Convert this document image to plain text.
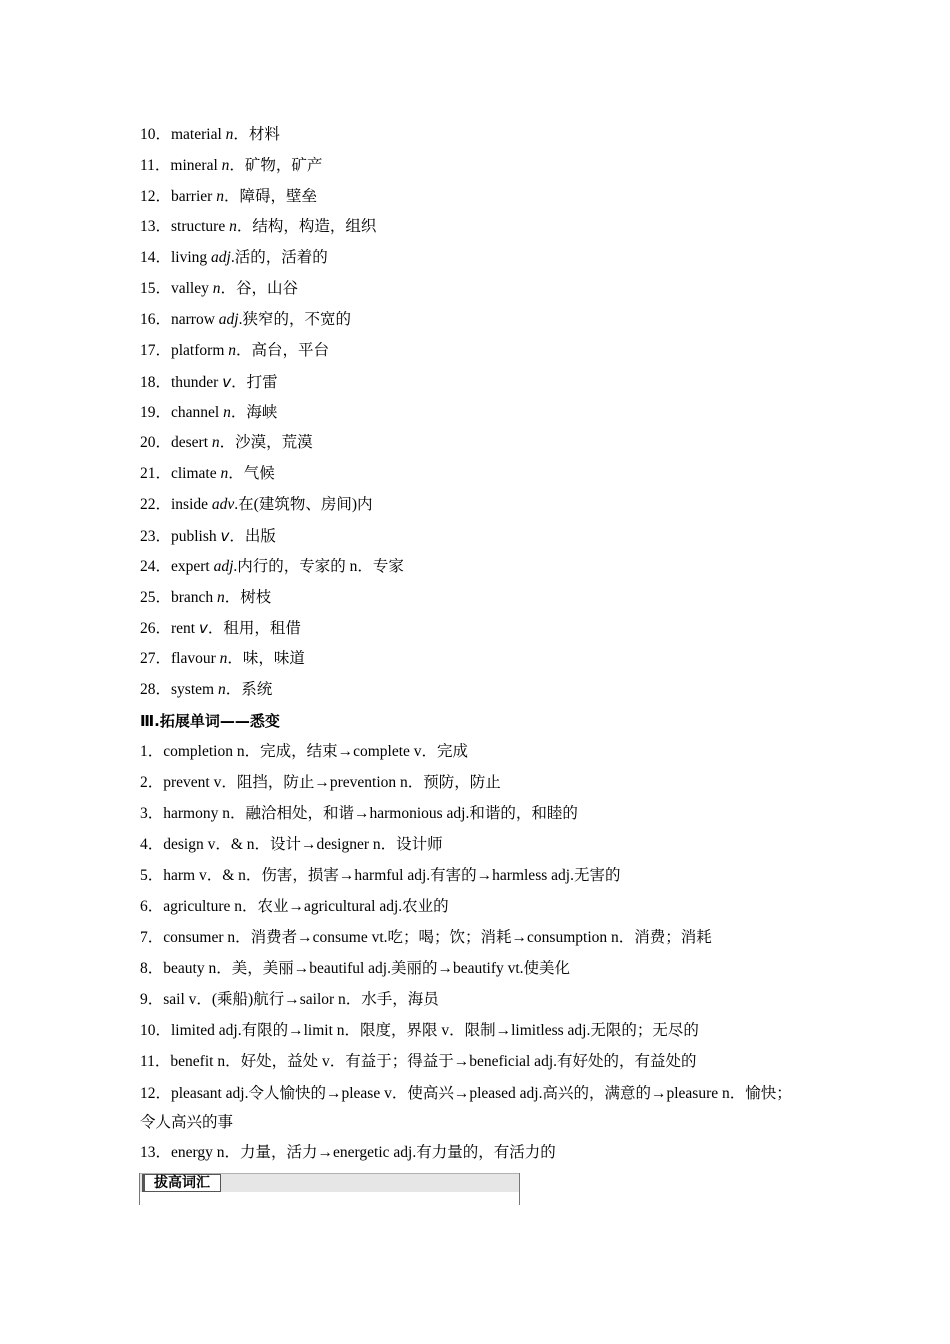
10．material n．材料
11．mineral n．矿物，矿产
12．barrier n．障碍，壁垒
13．structure n．结构，构造，组织
14．living adj.活的，活着的
15．valley n．谷，山谷
16．narrow adj.狭窄的，不宽的
17．platform n．高台，平台
18．thunder v．打雷
19．channel n．海峡
20．desert n．沙漠，荒漠
21．climate n．气候
22．inside adv.在(建筑物、房间)内
23．publish v．出版
24．expert adj.内行的，专家的 n．专家
25．branch n．树枝
26．rent v．租用，租借
27．flavour n．味，味道
28．system n．系统
Ⅲ.拓展单词——悉变
1．completion n．完成，结束→complete v．完成
2．prevent v．阻挡，防止→prevention n．预防，防止
3．harmony n．融洽相处，和谐→harmonious adj.和谐的，和睦的
4．design v．& n．设计→designer n．设计师
5．harm v．& n．伤害，损害→harmful adj.有害的→harmless adj.无害的
6．agriculture n．农业→agricultural adj.农业的
7．consumer n．消费者→consume vt.吃；喝；饮；消耗→consumption n．消费；消耗
8．beauty n．美，美丽→beautiful adj.美丽的→beautify vt.使美化
9．sail v．(乘船)航行→sailor n．水手，海员
10．limited adj.有限的→limit n．限度，界限 v．限制→limitless adj.无限的；无尽的
11．benefit n．好处，益处 v．有益于；得益于→beneficial adj.有好处的，有益处的
12．pleasant adj.令人愉快的→please v．使高兴→pleased adj.高兴的，满意的→pleasure n．愉快；令人高兴的事
13．energy n．力量，活力→energetic adj.有力量的，有活力的
拔高词汇
